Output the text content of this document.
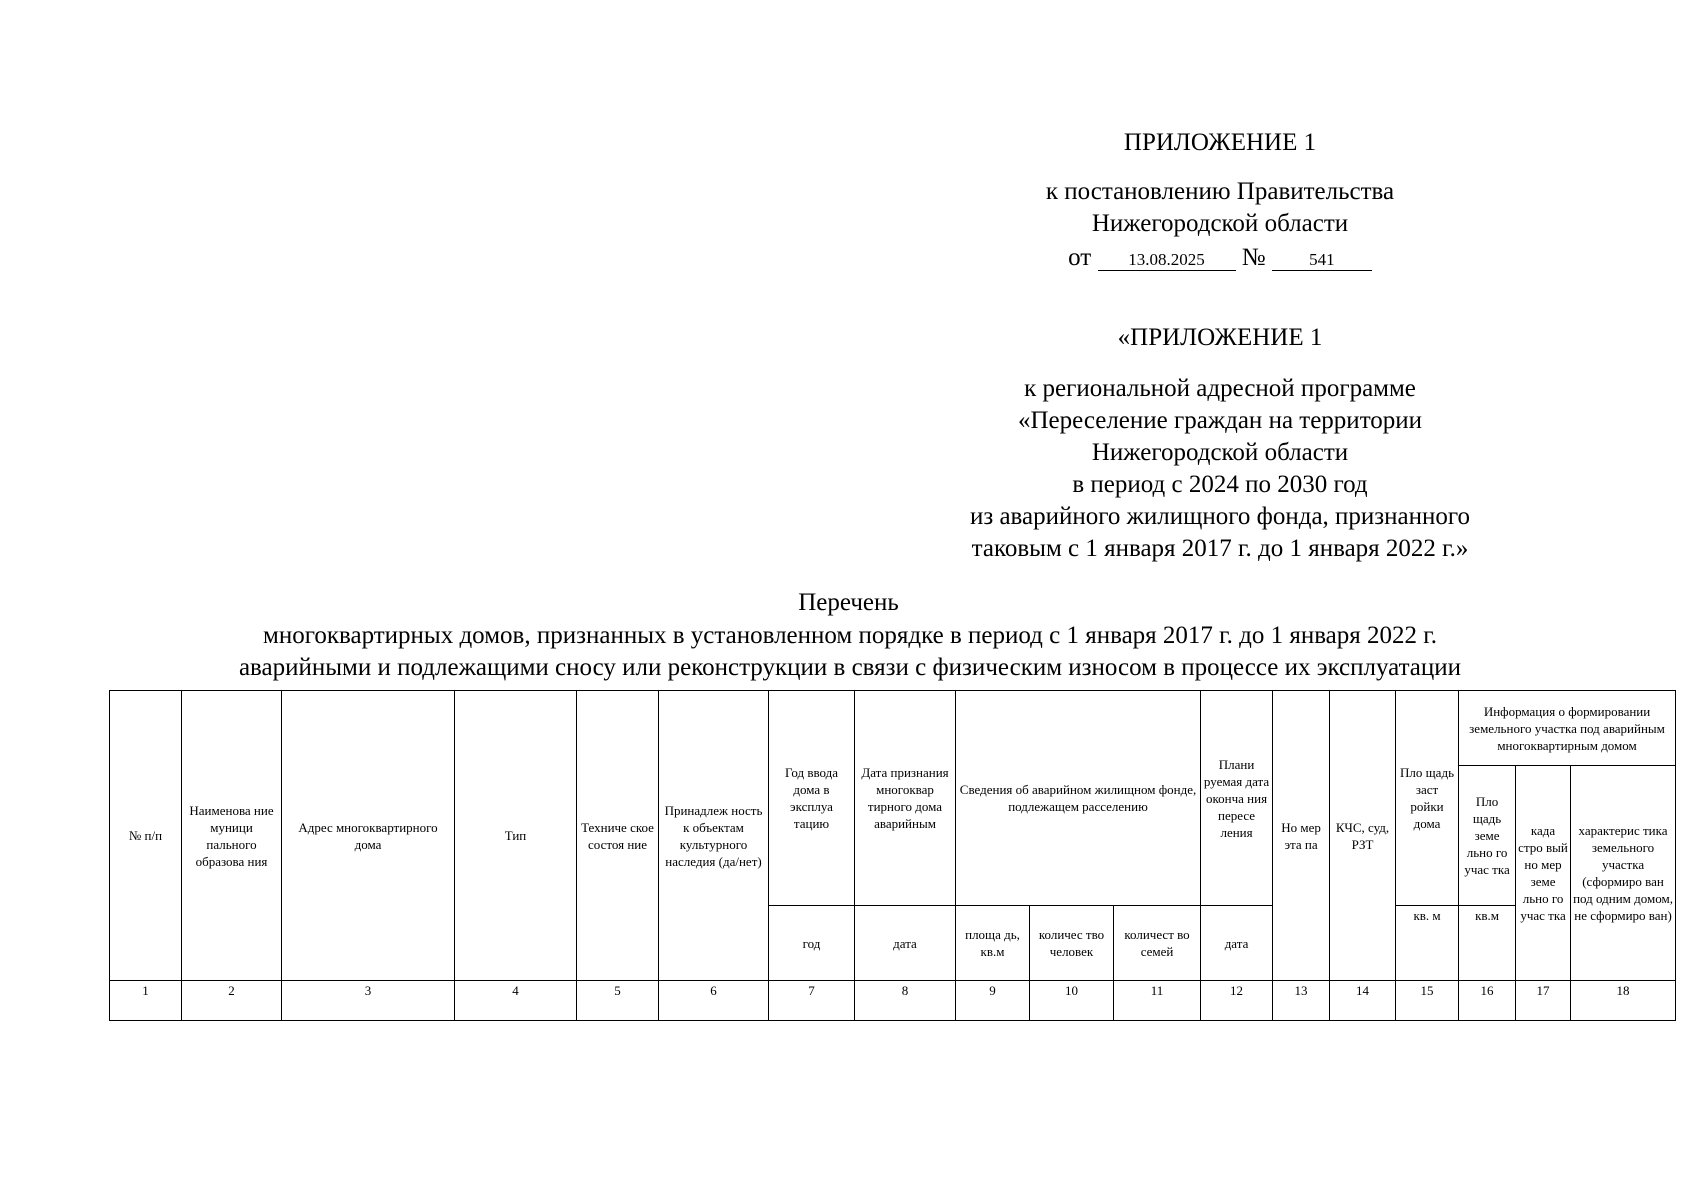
ПРИЛОЖЕНИЕ 1
к постановлению Правительства
Нижегородской области
от 13.08.2025 №	541
«ПРИЛОЖЕНИЕ 1
к региональной адресной программе
«Переселение граждан на территории
Нижегородской области
в период с 2024 по 2030 год
из аварийного жилищного фонда, признанного
таковым с 1 января 2017 г. до 1 января 2022 г.»
Перечень
многоквартирных домов, признанных в установленном порядке в период с 1 января 2017 г. до 1 января 2022 г.
аварийными и подлежащими сносу или реконструкции в связи с физическим износом в процессе их эксплуатации
№ п/п	Наименова ние муници пального образова ния	Адрес многоквартирного дома	Тип	Техниче ское состоя ние	Принадлеж ность к объектам культурного наследия (да/нет)	Год ввода дома в эксплуа тацию	Дата признания многоквар тирного дома аварийным	Сведения об аварийном жилищном фонде, подлежащем расселению			Плани руемая дата оконча ния пересе ления	Но мер эта па	КЧС, суд, РЗТ	Пло щадь заст ройки дома	Информация о формировании земельного участка под аварийным многоквартирным домом		
															Пло щадь земе льно го учас тка	када стро вый но мер земе льно го учас тка	характерис тика земельного участка (сформиро ван под одним домом, не сформиро ван)
						год	дата	площа дь, кв.м	количес тво человек	количест во семей	дата			кв. м	кв.м		
1	2	3	4	5	6	7	8	9	10	11	12	13	14	15	16	17	18
